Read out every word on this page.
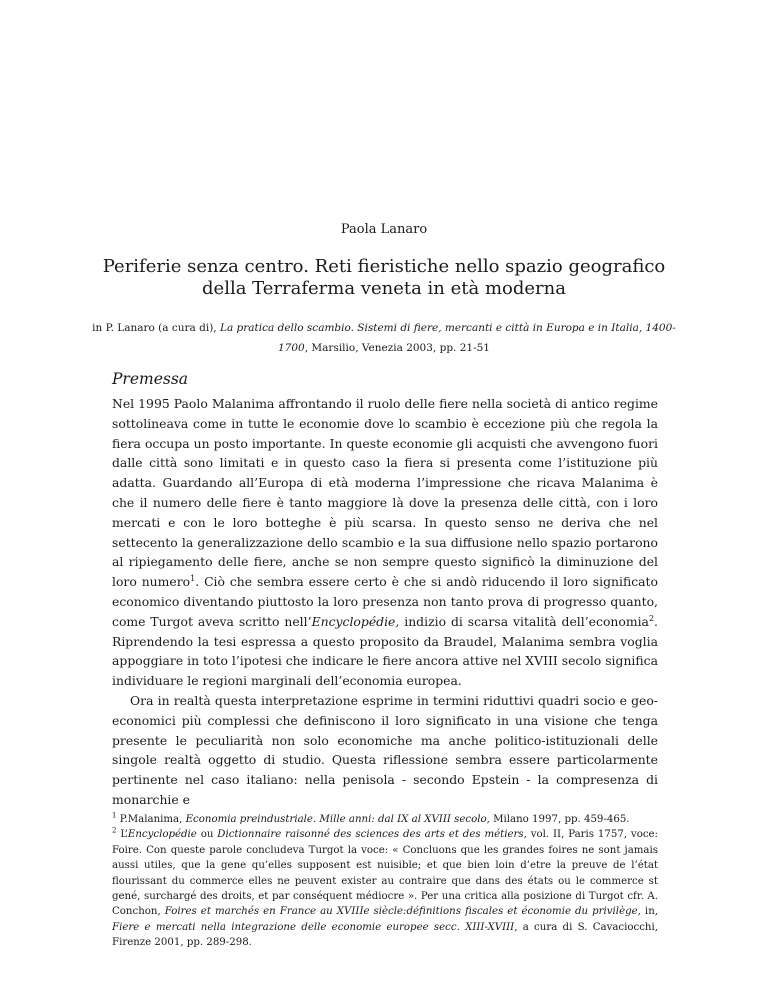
Paola Lanaro
Periferie senza centro. Reti fieristiche nello spazio geografico
della Terraferma veneta in età moderna
in P. Lanaro (a cura di), La pratica dello scambio. Sistemi di fiere, mercanti e città in Europa e in Italia, 1400-1700, Marsilio, Venezia 2003, pp. 21-51
Premessa

Nel 1995 Paolo Malanima affrontando il ruolo delle fiere nella società di antico regime sottolineava come in tutte le economie dove lo scambio è eccezione più che regola la fiera occupa un posto importante. In queste economie gli acquisti che avvengono fuori dalle città sono limitati e in questo caso la fiera si presenta come l’istituzione più adatta. Guardando all’Europa di età moderna l’impressione che ricava Malanima è che il numero delle fiere è tanto maggiore là dove la presenza delle città, con i loro mercati e con le loro botteghe è più scarsa. In questo senso ne deriva che nel settecento la generalizzazione dello scambio e la sua diffusione nello spazio portarono al ripiegamento delle fiere, anche se non sempre questo significò la diminuzione del loro numero$^1$. Ciò che sembra essere certo è che si andò riducendo il loro significato economico diventando piuttosto la loro presenza non tanto prova di progresso quanto, come Turgot aveva scritto nell’Encyclopédie, indizio di scarsa vitalità dell’economia$^2$. Riprendendo la tesi espressa a questo proposito da Braudel, Malanima sembra voglia appoggiare in toto l’ipotesi che indicare le fiere ancora attive nel XVIII secolo significa individuare le regioni marginali dell’economia europea.

Ora in realtà questa interpretazione esprime in termini riduttivi quadri socio e geo-economici più complessi che definiscono il loro significato in una visione che tenga presente le peculiarità non solo economiche ma anche politico-istituzionali delle singole realtà oggetto di studio. Questa riflessione sembra essere particolarmente pertinente nel caso italiano: nella penisola - secondo Epstein - la compresenza di monarchie e

$^1$ P.Malanima, Economia preindustriale. Mille anni: dal IX al XVIII secolo, Milano 1997, pp. 459-465.

$^2$ L’Encyclopédie ou Dictionnaire raisonné des sciences des arts et des métiers, vol. II, Paris 1757, voce: Foire. Con queste parole concludeva Turgot la voce: « Concluons que les grandes foires ne sont jamais aussi utiles, que la gene qu’elles supposent est nuisible; et que bien loin d’etre la preuve de l’état flourissant du commerce elles ne peuvent exister au contraire que dans des états ou le commerce st gené, surchargé des droits, et par conséquent médiocre ». Per una critica alla posizione di Turgot cfr. A. Conchon, Foires et marchés en France au XVIIIe siècle:définitions fiscales et économie du privilège, in, Fiere e mercati nella integrazione delle economie europee secc. XIII-XVIII, a cura di S. Cavaciocchi, Firenze 2001, pp. 289-298.
